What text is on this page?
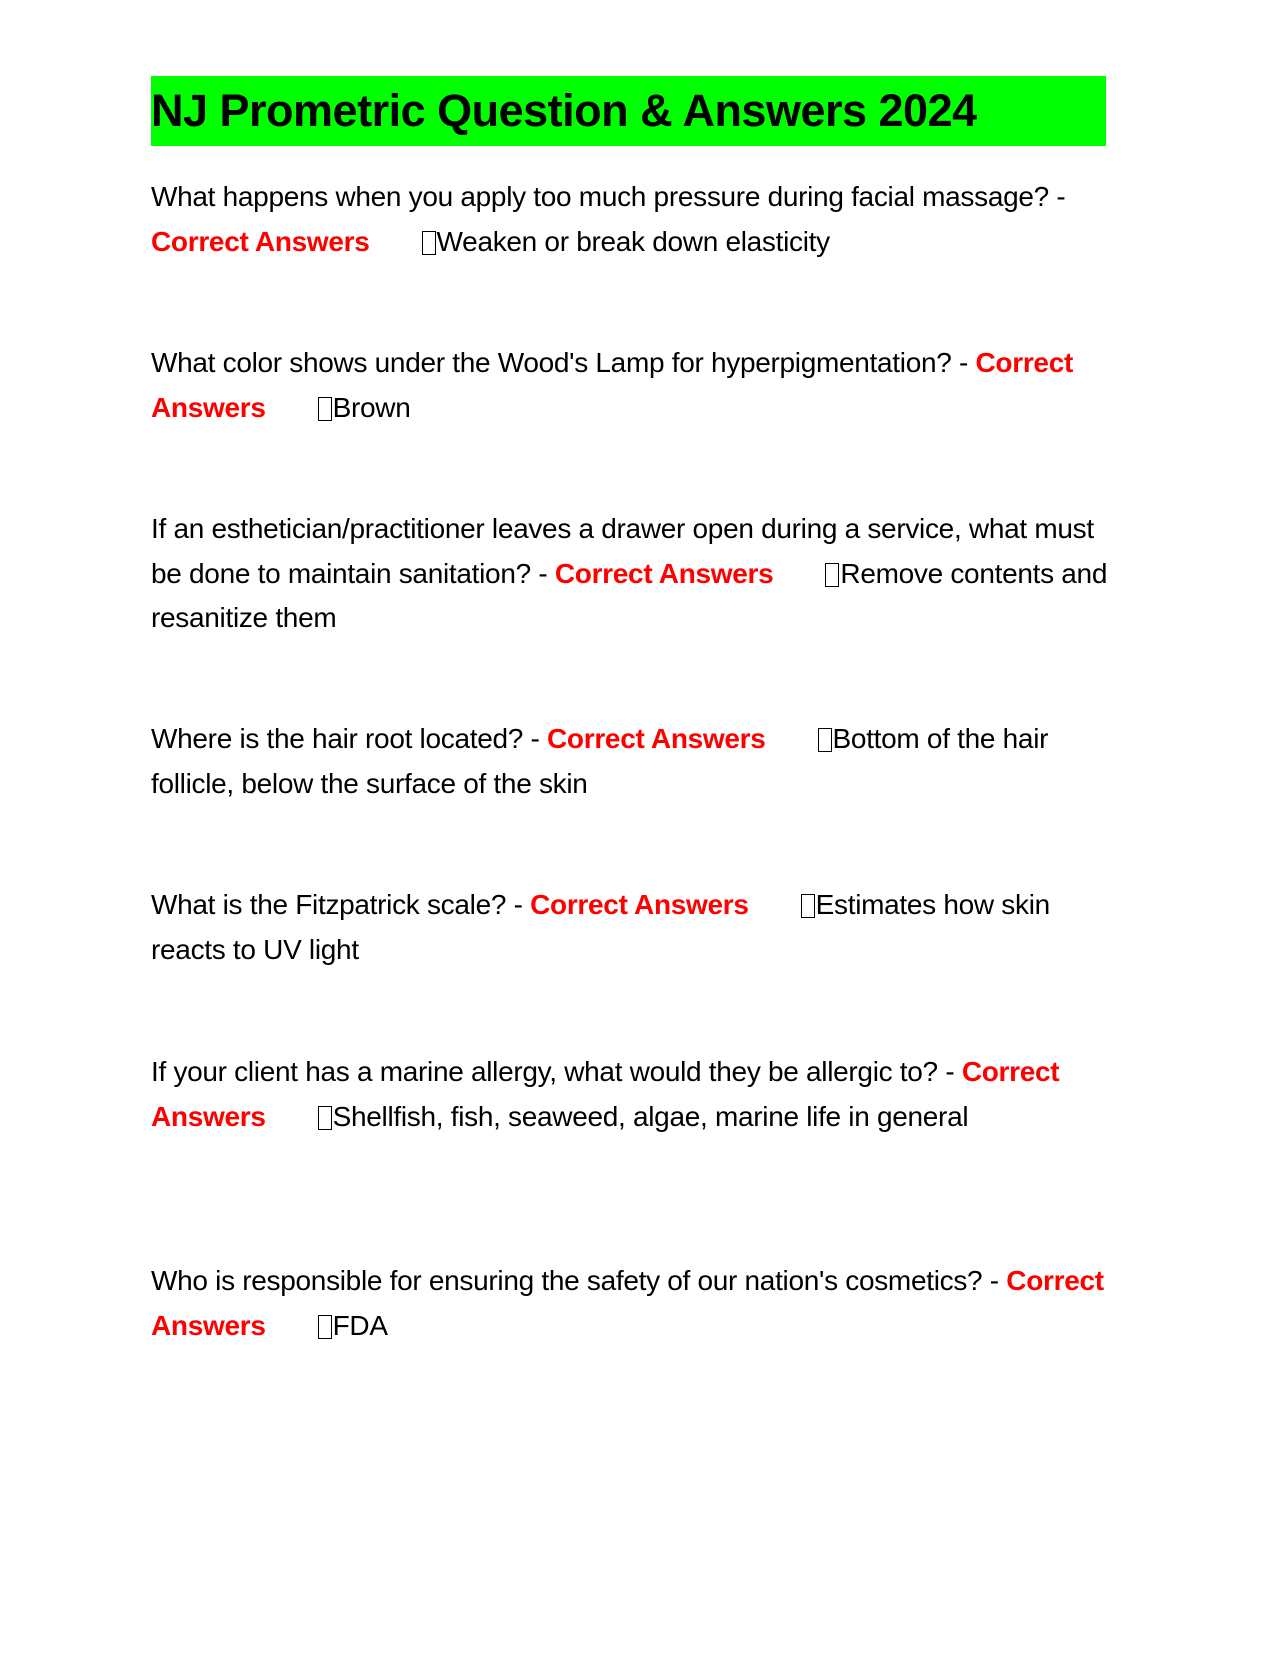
NJ Prometric Question & Answers 2024
What happens when you apply too much pressure during facial massage? - Correct Answers Weaken or break down elasticity
What color shows under the Wood's Lamp for hyperpigmentation? - Correct Answers Brown
If an esthetician/practitioner leaves a drawer open during a service, what must be done to maintain sanitation? - Correct Answers Remove contents and resanitize them
Where is the hair root located? - Correct Answers Bottom of the hair follicle, below the surface of the skin
What is the Fitzpatrick scale? - Correct Answers Estimates how skin reacts to UV light
If your client has a marine allergy, what would they be allergic to? - Correct Answers Shellfish, fish, seaweed, algae, marine life in general
Who is responsible for ensuring the safety of our nation's cosmetics? - Correct Answers FDA
